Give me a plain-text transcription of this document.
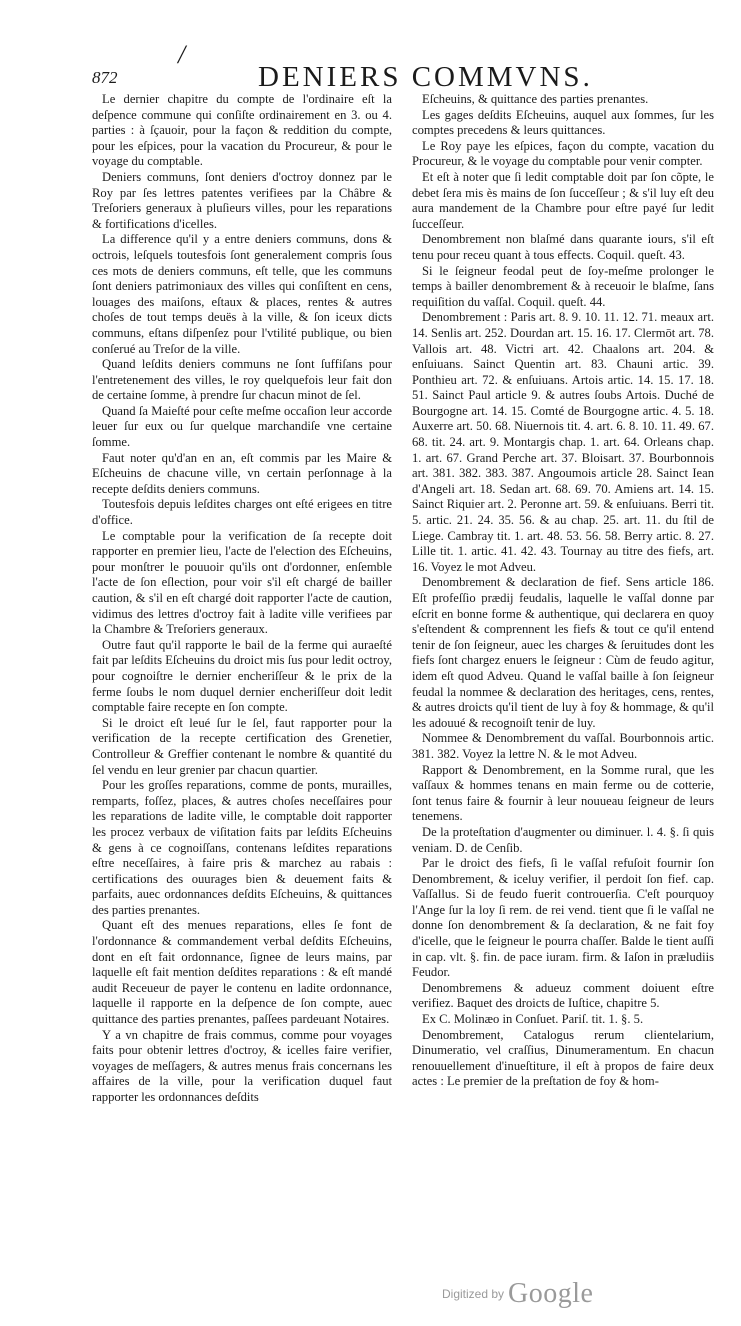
/
872	DENIERS COMMVNS.

Le dernier chapitre du compte de l'ordinaire eſt la deſpence commune qui conſiſte ordinairement en 3. ou 4. parties : à ſçauoir, pour la façon & reddition du compte, pour les eſpices, pour la vacation du Procureur, & pour le voyage du comptable.

Deniers communs, ſont deniers d'octroy donnez par le Roy par ſes lettres patentes verifiees par la Châbre & Treſoriers generaux à pluſieurs villes, pour les reparations & fortifications d'icelles.

La difference qu'il y a entre deniers communs, dons & octrois, leſquels toutesfois ſont generalement compris ſous ces mots de deniers communs, eſt telle, que les communs ſont deniers patrimoniaux des villes qui conſiſtent en cens, louages des maiſons, eſtaux & places, rentes & autres choſes de tout temps deuës à la ville, & ſon iceux dicts communs, eſtans diſpenſez pour l'vtilité publique, ou bien conſerué au Treſor de la ville.

Quand leſdits deniers communs ne ſont ſuffiſans pour l'entretenement des villes, le roy quelquefois leur fait don de certaine ſomme, à prendre ſur chacun minot de ſel.

Quand ſa Maieſté pour ceſte meſme occaſion leur accorde leuer ſur eux ou ſur quelque marchandiſe vne certaine ſomme.

Faut noter qu'd'an en an, eſt commis par les Maire & Eſcheuins de chacune ville, vn certain perſonnage à la recepte deſdits deniers communs.

Toutesfois depuis leſdites charges ont eſté erigees en titre d'office.

Le comptable pour la verification de ſa recepte doit rapporter en premier lieu, l'acte de l'election des Eſcheuins, pour monſtrer le pouuoir qu'ils ont d'ordonner, enſemble l'acte de ſon eſlection, pour voir s'il eſt chargé de bailler caution, & s'il en eſt chargé doit rapporter l'acte de caution, vidimus des lettres d'octroy fait à ladite ville verifiees par la Chambre & Treſoriers generaux.

Outre faut qu'il rapporte le bail de la ferme qui auraeſté fait par leſdits Eſcheuins du droict mis ſus pour ledit octroy, pour cognoiſtre le dernier encheriſſeur & le prix de la ferme ſoubs le nom duquel dernier encheriſſeur doit ledit comptable faire recepte en ſon compte.

Si le droict eſt leué ſur le ſel, faut rapporter pour la verification de la recepte certification des Grenetier, Controlleur & Greffier contenant le nombre & quantité du ſel vendu en leur grenier par chacun quartier.

Pour les groſſes reparations, comme de ponts, murailles, remparts, foſſez, places, & autres choſes neceſſaires pour les reparations de ladite ville, le comptable doit rapporter les procez verbaux de viſitation faits par leſdits Eſcheuins & gens à ce cognoiſſans, contenans leſdites reparations eſtre neceſſaires, à faire pris & marchez au rabais : certifications des ouurages bien & deuement faits & parfaits, auec ordonnances deſdits Eſcheuins, & quittances des parties prenantes.

Quant eſt des menues reparations, elles ſe font de l'ordonnance & commandement verbal deſdits Eſcheuins, dont en eſt fait ordonnance, ſignee de leurs mains, par laquelle eſt fait mention deſdites reparations : & eſt mandé audit Receueur de payer le contenu en ladite ordonnance, laquelle il rapporte en la deſpence de ſon compte, auec quittance des parties prenantes, paſſees pardeuant Notaires.

Y a vn chapitre de frais commus, comme pour voyages faits pour obtenir lettres d'octroy, & icelles faire verifier, voyages de meſſagers, & autres menus frais concernans les affaires de la ville, pour la verification duquel faut rapporter les ordonnances deſdits

Eſcheuins, & quittance des parties prenantes.

Les gages deſdits Eſcheuins, auquel aux ſommes, ſur les comptes precedens & leurs quittances.

Le Roy paye les eſpices, façon du compte, vacation du Procureur, & le voyage du comptable pour venir compter.

Et eſt à noter que ſi ledit comptable doit par ſon cõpte, le debet ſera mis ès mains de ſon ſucceſſeur ; & s'il luy eſt deu aura mandement de la Chambre pour eſtre payé ſur ledit ſucceſſeur.

Denombrement non blaſmé dans quarante iours, s'il eſt tenu pour receu quant à tous effects. Coquil. queſt. 43.

Si le ſeigneur feodal peut de ſoy-meſme prolonger le temps à bailler denombrement & à receuoir le blaſme, ſans requiſition du vaſſal. Coquil. queſt. 44.

Denombrement : Paris art. 8. 9. 10. 11. 12. 71. meaux art. 14. Senlis art. 252. Dourdan art. 15. 16. 17. Clermōt art. 78. Vallois art. 48. Victri art. 42. Chaalons art. 204. & enſuiuans. Sainct Quentin art. 83. Chauni artic. 39. Ponthieu art. 72. & enſuiuans. Artois artic. 14. 15. 17. 18. 51. Sainct Paul article 9. & autres ſoubs Artois. Duché de Bourgogne art. 14. 15. Comté de Bourgogne artic. 4. 5. 18. Auxerre art. 50. 68. Niuernois tit. 4. art. 6. 8. 10. 11. 49. 67. 68. tit. 24. art. 9. Montargis chap. 1. art. 64. Orleans chap. 1. art. 67. Grand Perche art. 37. Bloisart. 37. Bourbonnois art. 381. 382. 383. 387. Angoumois article 28. Sainct Iean d'Angeli art. 18. Sedan art. 68. 69. 70. Amiens art. 14. 15. Sainct Riquier art. 2. Peronne art. 59. & enſuiuans. Berri tit. 5. artic. 21. 24. 35. 56. & au chap. 25. art. 11. du ſtil de Liege. Cambray tit. 1. art. 48. 53. 56. 58. Berry artic. 8. 27. Lille tit. 1. artic. 41. 42. 43. Tournay au titre des fiefs, art. 16. Voyez le mot Adveu.

Denombrement & declaration de fief. Sens article 186. Eſt profeſſio prædij feudalis, laquelle le vaſſal donne par eſcrit en bonne forme & authentique, qui declarera en quoy s'eſtendent & comprennent les fiefs & tout ce qu'il entend tenir de ſon ſeigneur, auec les charges & ſeruitudes dont les fiefs ſont chargez enuers le ſeigneur : Cùm de feudo agitur, idem eſt quod Adveu. Quand le vaſſal baille à ſon ſeigneur feudal la nommee & declaration des heritages, cens, rentes, & autres droicts qu'il tient de luy à foy & hommage, & qu'il les adouué & recognoiſt tenir de luy.

Nommee & Denombrement du vaſſal. Bourbonnois artic. 381. 382. Voyez la lettre N. & le mot Adveu.

Rapport & Denombrement, en la Somme rural, que les vaſſaux & hommes tenans en main ferme ou de cotterie, ſont tenus faire & fournir à leur nouueau ſeigneur de leurs tenemens.

De la proteſtation d'augmenter ou diminuer. l. 4. §. ſi quis veniam. D. de Cenſib.

Par le droict des fiefs, ſi le vaſſal refuſoit fournir ſon Denombrement, & iceluy verifier, il perdoit ſon fief. cap. Vaſſallus. Si de feudo fuerit controuerſia. C'eſt pourquoy l'Ange ſur la loy ſi rem. de rei vend. tient que ſi le vaſſal ne donne ſon denombrement & ſa declaration, & ne fait foy d'icelle, que le ſeigneur le pourra chaſſer. Balde le tient auſſi in cap. vlt. §. fin. de pace iuram. firm. & Iaſon in præludiis Feudor.

Denombremens & adueuz comment doiuent eſtre verifiez. Baquet des droicts de Iuſtice, chapitre 5.

Ex C. Molinæo in Conſuet. Pariſ. tit. 1. §. 5.

Denombrement, Catalogus rerum clientelarium, Dinumeratio, vel craſſius, Dinumeramentum. En chacun renouuellement d'inueſtiture, il eſt à propos de faire deux actes : Le premier de la preſtation de foy & hom-

Digitized by Google
